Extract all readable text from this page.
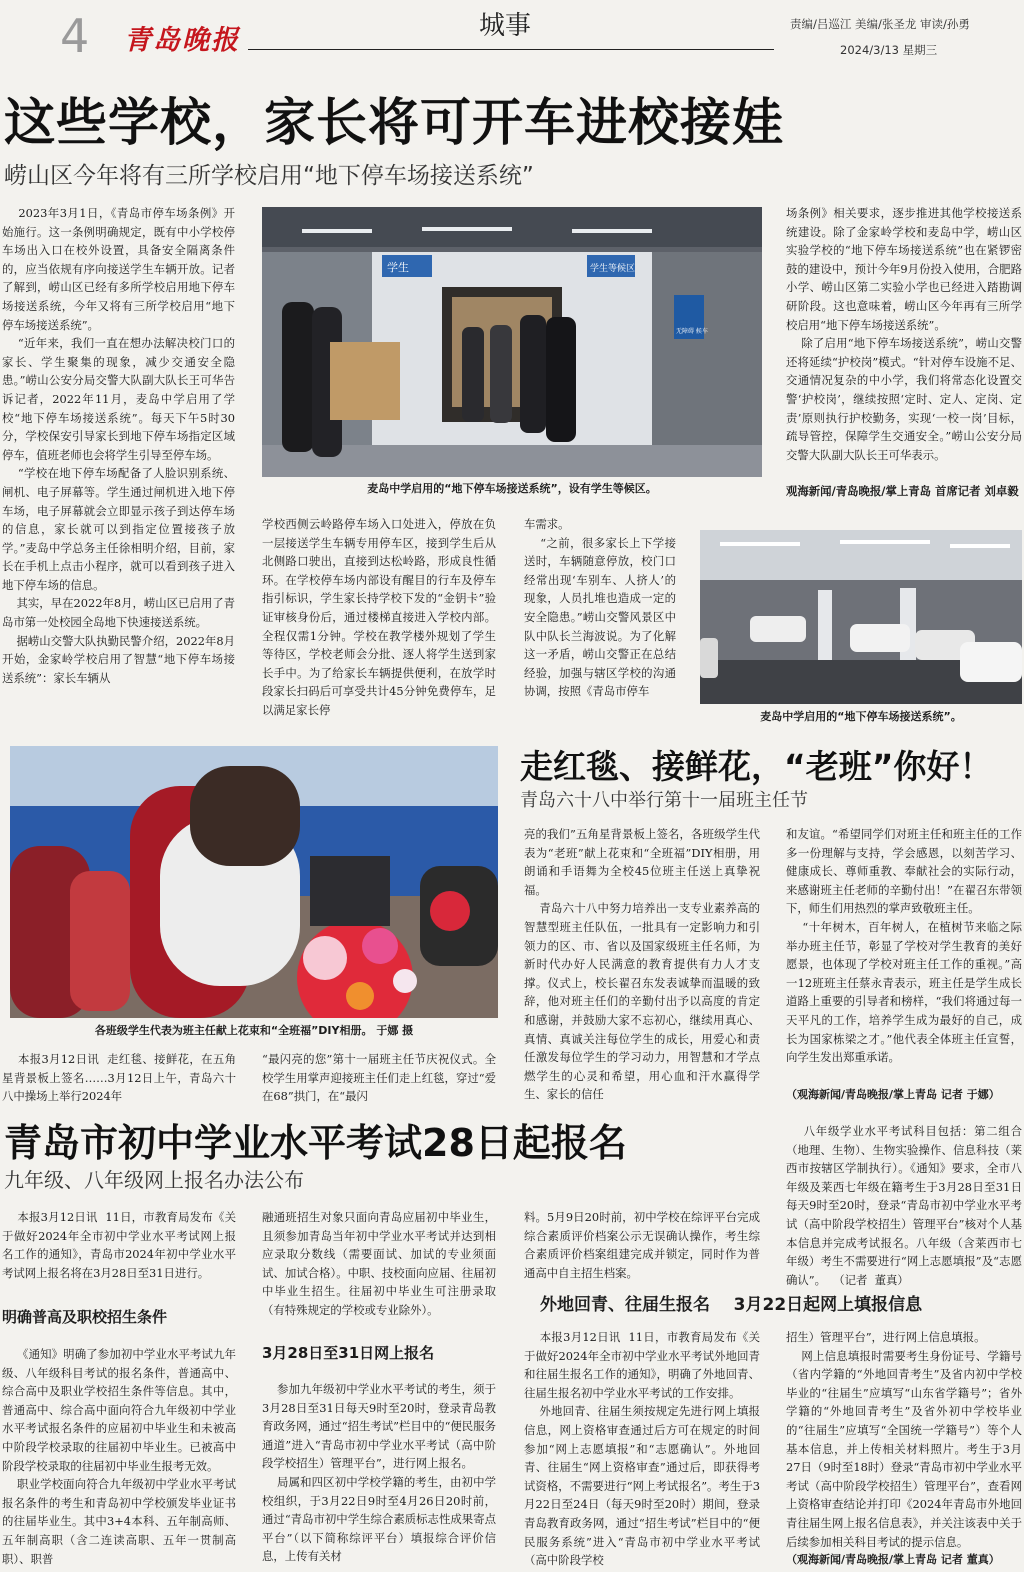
4 青岛晚报	城事	责编/吕巡江 美编/张圣龙 审读/孙勇
2024/3/13 星期三
这些学校，家长将可开车进校接娃
崂山区今年将有三所学校启用“地下停车场接送系统”
2023年3月1日，《青岛市停车场条例》开始施行。这一条例明确规定，既有中小学校停车场出入口在校外设置，具备安全隔离条件的，应当依规有序向接送学生车辆开放。记者了解到，崂山区已经有多所学校启用地下停车场接送系统，今年又将有三所学校启用“地下停车场接送系统”。
“近年来，我们一直在想办法解决校门口的家长、学生聚集的现象，减少交通安全隐患。”崂山公安分局交警大队副大队长王可华告诉记者，2022年11月，麦岛中学启用了学校“地下停车场接送系统”。每天下午5时30分，学校保安引导家长到地下停车场指定区域停车，值班老师也会将学生引导至停车场。
“学校在地下停车场配备了人脸识别系统、闸机、电子屏幕等。学生通过闸机进入地下停车场，电子屏幕就会立即显示孩子到达停车场的信息，家长就可以到指定位置接孩子放学。”麦岛中学总务主任徐相明介绍，目前，家长在手机上点击小程序，就可以看到孩子进入地下停车场的信息。
其实，早在2022年8月，崂山区已启用了青岛市第一处校园全岛地下快速接送系统。
据崂山交警大队执勤民警介绍，2022年8月开始，金家岭学校启用了智慧“地下停车场接送系统”：家长车辆从
学生	学生等候区
无障碍 候车
麦岛中学启用的“地下停车场接送系统”，设有学生等候区。
学校西侧云岭路停车场入口处进入，停放在负一层接送学生车辆专用停车区，接到学生后从北侧路口驶出，直接到达松岭路，形成良性循环。在学校停车场内部设有醒目的行车及停车指引标识，学生家长持学校下发的“金钥卡”验证审核身份后，通过楼梯直接进入学校内部。全程仅需1分钟。学校在教学楼外规划了学生等待区，学校老师会分批、逐人将学生送到家长手中。为了给家长车辆提供便利，在放学时段家长扫码后可享受共计45分钟免费停车，足以满足家长停
车需求。
“之前，很多家长上下学接送时，车辆随意停放，校门口经常出现‘车别车、人挤人’的现象，人员扎堆也造成一定的安全隐患。”崂山交警风景区中队中队长兰海波说。为了化解这一矛盾，崂山交警正在总结经验，加强与辖区学校的沟通协调，按照《青岛市停车
场条例》相关要求，逐步推进其他学校接送系统建设。除了金家岭学校和麦岛中学，崂山区实验学校的“地下停车场接送系统”也在紧锣密鼓的建设中，预计今年9月份投入使用，合肥路小学、崂山区第二实验小学也已经进入踏勘调研阶段。这也意味着，崂山区今年再有三所学校启用“地下停车场接送系统”。
除了启用“地下停车场接送系统”，崂山交警还将延续“护校岗”模式。“针对停车设施不足、交通情况复杂的中小学，我们将常态化设置交警‘护校岗’，继续按照‘定时、定人、定岗、定责’原则执行护校勤务，实现‘一校一岗’目标，疏导管控，保障学生交通安全。”崂山公安分局交警大队副大队长王可华表示。
观海新闻/青岛晚报/掌上青岛 首席记者 刘卓毅
麦岛中学启用的“地下停车场接送系统”。
各班级学生代表为班主任献上花束和“全班福”DIY相册。 于娜 摄
走红毯、接鲜花，“老班”你好！
青岛六十八中举行第十一届班主任节
本报3月12日讯  走红毯、接鲜花，在五角星背景板上签名……3月12日上午，青岛六十八中操场上举行2024年
“最闪亮的您”第十一届班主任节庆祝仪式。全校学生用掌声迎接班主任们走上红毯，穿过“爱在68”拱门，在“最闪
亮的我们”五角星背景板上签名，各班级学生代表为“老班”献上花束和“全班福”DIY相册，用朗诵和手语舞为全校45位班主任送上真挚祝福。
青岛六十八中努力培养出一支专业素养高的智慧型班主任队伍，一批具有一定影响力和引领力的区、市、省以及国家级班主任名师，为新时代办好人民满意的教育提供有力人才支撑。仪式上，校长翟召东发表诚挚而温暖的致辞，他对班主任们的辛勤付出予以高度的肯定和感谢，并鼓励大家不忘初心，继续用真心、真情、真诚关注每位学生的成长，用爱心和责任激发每位学生的学习动力，用智慧和才学点燃学生的心灵和希望，用心血和汗水赢得学生、家长的信任
和友谊。“希望同学们对班主任和班主任的工作多一份理解与支持，学会感恩，以刻苦学习、健康成长、尊师重教、奉献社会的实际行动，来感谢班主任老师的辛勤付出！”在翟召东带领下，师生们用热烈的掌声致敬班主任。
“十年树木，百年树人，在植树节来临之际举办班主任节，彰显了学校对学生教育的美好愿景，也体现了学校对班主任工作的重视。”高一12班班主任蔡永青表示，班主任是学生成长道路上重要的引导者和榜样，“我们将通过每一天平凡的工作，培养学生成为最好的自己，成长为国家栋梁之才。”他代表全体班主任宣誓，向学生发出郑重承诺。
（观海新闻/青岛晚报/掌上青岛 记者 于娜）
青岛市初中学业水平考试28日起报名
九年级、八年级网上报名办法公布
本报3月12日讯  11日，市教育局发布《关于做好2024年全市初中学业水平考试网上报名工作的通知》，青岛市2024年初中学业水平考试网上报名将在3月28日至31日进行。
明确普高及职校招生条件
《通知》明确了参加初中学业水平考试九年级、八年级科目考试的报名条件，普通高中、综合高中及职业学校招生条件等信息。其中，普通高中、综合高中面向符合九年级初中学业水平考试报名条件的应届初中毕业生和未被高中阶段学校录取的往届初中毕业生。已被高中阶段学校录取的往届初中毕业生报考无效。
职业学校面向符合九年级初中学业水平考试报名条件的考生和青岛初中学校颁发毕业证书的往届毕业生。其中3+4本科、五年制高师、五年制高职（含二连读高职、五年一贯制高职）、职普
融通班招生对象只面向青岛应届初中毕业生，且须参加青岛当年初中学业水平考试并达到相应录取分数线（需要面试、加试的专业须面试、加试合格）。中职、技校面向应届、往届初中毕业生招生。往届初中毕业生可注册录取（有特殊规定的学校或专业除外）。
3月28日至31日网上报名
参加九年级初中学业水平考试的考生，须于3月28日至31日每天9时至20时，登录青岛教育政务网，通过“招生考试”栏目中的“便民服务通道”进入“青岛市初中学业水平考试（高中阶段学校招生）管理平台”，进行网上报名。
局属和四区初中学校学籍的考生，由初中学校组织，于3月22日9时至4月26日20时前，通过“青岛市初中学生综合素质标志性成果寄点平台”（以下简称综评平台）填报综合评价信息，上传有关材
料。5月9日20时前，初中学校在综评平台完成综合素质评价档案公示无误确认操作，考生综合素质评价档案组建完成并锁定，同时作为普通高中自主招生档案。
外地回青、往届生报名    3月22日起网上填报信息
本报3月12日讯  11日，市教育局发布《关于做好2024年全市初中学业水平考试外地回青和往届生报名工作的通知》，明确了外地回青、往届生报名初中学业水平考试的工作安排。
外地回青、往届生须按规定先进行网上填报信息，网上资格审查通过后方可在规定的时间参加“网上志愿填报”和“志愿确认”。外地回青、往届生“网上资格审查”通过后，即获得考试资格，不需要进行“网上考试报名”。考生于3月22日至24日（每天9时至20时）期间，登录青岛教育政务网，通过“招生考试”栏目中的“便民服务系统”进入“青岛市初中学业水平考试（高中阶段学校
八年级学业水平考试科目包括：第二组合（地理、生物）、生物实验操作、信息科技（莱西市按辖区学制执行）。《通知》要求，全市八年级及莱西七年级在籍考生于3月28日至31日每天9时至20时，登录“青岛市初中学业水平考试（高中阶段学校招生）管理平台”核对个人基本信息并完成考试报名。八年级（含莱西市七年级）考生不需要进行“网上志愿填报”及“志愿确认”。  （记者  董真）
招生）管理平台”，进行网上信息填报。
网上信息填报时需要考生身份证号、学籍号（省内学籍的“外地回青考生”及省内初中学校毕业的“往届生”应填写“山东省学籍号”；省外学籍的“外地回青考生”及省外初中学校毕业的“往届生”应填写“全国统一学籍号”）等个人基本信息，并上传相关材料照片。考生于3月27日（9时至18时）登录“青岛市初中学业水平考试（高中阶段学校招生）管理平台”，查看网上资格审查结论并打印《2024年青岛市外地回青往届生网上报名信息表》，并关注该表中关于后续参加相关科目考试的提示信息。
（观海新闻/青岛晚报/掌上青岛 记者 董真）
